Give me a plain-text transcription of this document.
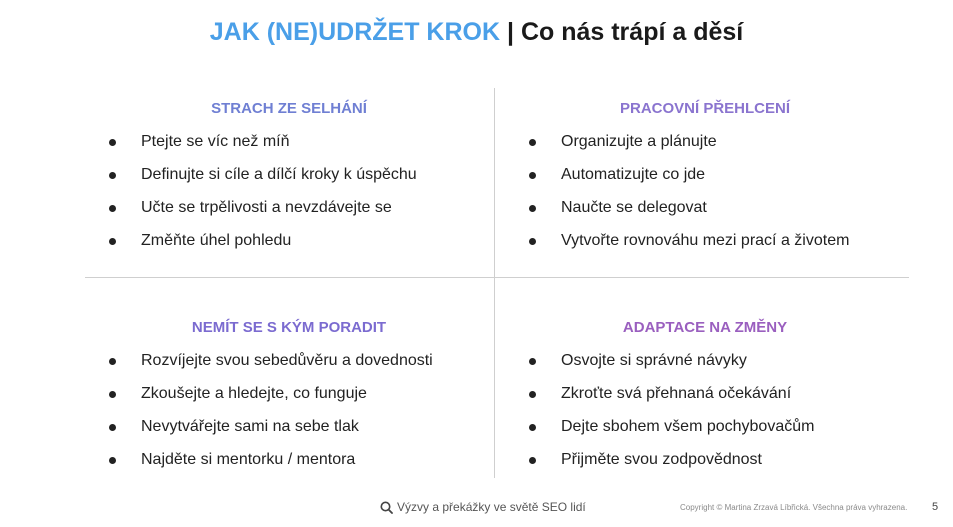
JAK (NE)UDRŽET KROK | Co nás trápí a děsí
STRACH ZE SELHÁNÍ
Ptejte se víc než míň
Definujte si cíle a dílčí kroky k úspěchu
Učte se trpělivosti a nevzdávejte se
Změňte úhel pohledu
PRACOVNÍ PŘEHLCENÍ
Organizujte a plánujte
Automatizujte co jde
Naučte se delegovat
Vytvořte rovnováhu mezi prací a životem
NEMÍT SE S KÝM PORADIT
Rozvíjejte svou sebedůvěru a dovednosti
Zkoušejte a hledejte, co funguje
Nevytvářejte sami na sebe tlak
Najděte si mentorku / mentora
ADAPTACE NA ZMĚNY
Osvojte si správné návyky
Zkroťte svá přehnaná očekávání
Dejte sbohem všem pochybovačům
Přijměte svou zodpovědnost
Výzvy a překážky ve světě SEO lidí	Copyright © Martina Zrzavá Líbřická. Všechna práva vyhrazena. 5
